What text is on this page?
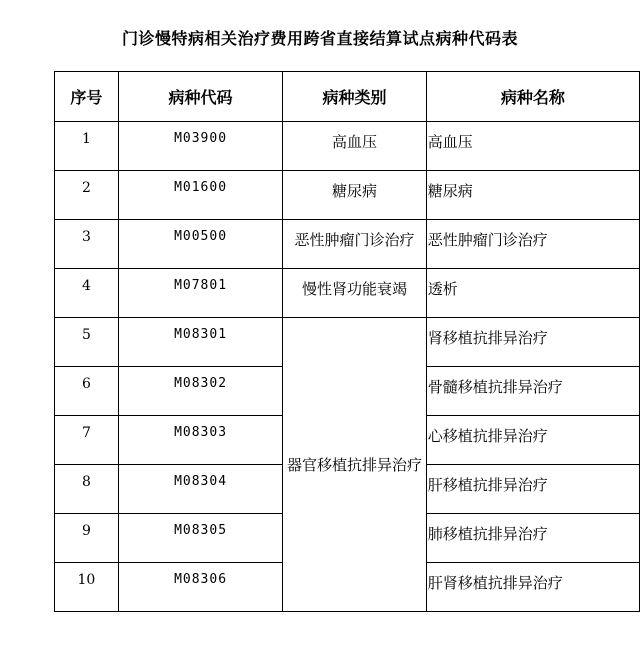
门诊慢特病相关治疗费用跨省直接结算试点病种代码表
序号	病种代码	病种类别	病种名称
1	M03900	高血压	高血压
2	M01600	糖尿病	糖尿病
3	M00500	恶性肿瘤门诊治疗	恶性肿瘤门诊治疗
4	M07801	慢性肾功能衰竭	透析
5	M08301	器官移植抗排异治疗	肾移植抗排异治疗
6	M08302		骨髓移植抗排异治疗
7	M08303		心移植抗排异治疗
8	M08304		肝移植抗排异治疗
9	M08305		肺移植抗排异治疗
10	M08306		肝肾移植抗排异治疗
